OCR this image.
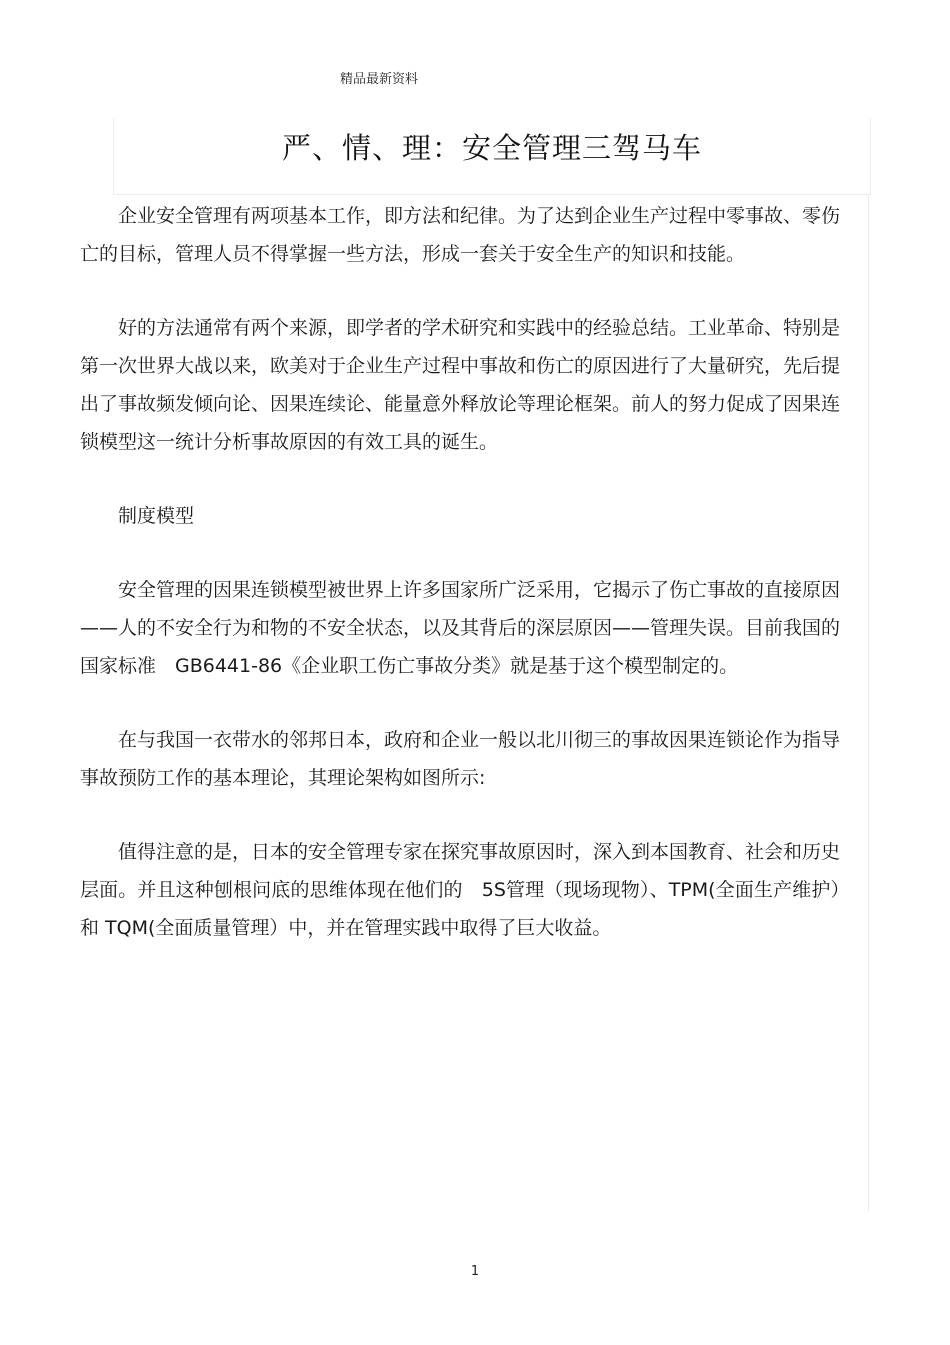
精品最新资料
严、情、理：安全管理三驾马车

企业安全管理有两项基本工作，即方法和纪律。为了达到企业生产过程中零事故、零伤亡的目标，管理人员不得掌握一些方法，形成一套关于安全生产的知识和技能。

好的方法通常有两个来源，即学者的学术研究和实践中的经验总结。工业革命、特别是第一次世界大战以来，欧美对于企业生产过程中事故和伤亡的原因进行了大量研究，先后提出了事故频发倾向论、因果连续论、能量意外释放论等理论框架。前人的努力促成了因果连锁模型这一统计分析事故原因的有效工具的诞生。

制度模型

安全管理的因果连锁模型被世界上许多国家所广泛采用，它揭示了伤亡事故的直接原因——人的不安全行为和物的不安全状态，以及其背后的深层原因——管理失误。目前我国的国家标准　GB6441-86《企业职工伤亡事故分类》就是基于这个模型制定的。

在与我国一衣带水的邻邦日本，政府和企业一般以北川彻三的事故因果连锁论作为指导事故预防工作的基本理论，其理论架构如图所示:

值得注意的是，日本的安全管理专家在探究事故原因时，深入到本国教育、社会和历史层面。并且这种刨根问底的思维体现在他们的　5S管理（现场现物）、TPM(全面生产维护）和 TQM(全面质量管理）中，并在管理实践中取得了巨大收益。

1
